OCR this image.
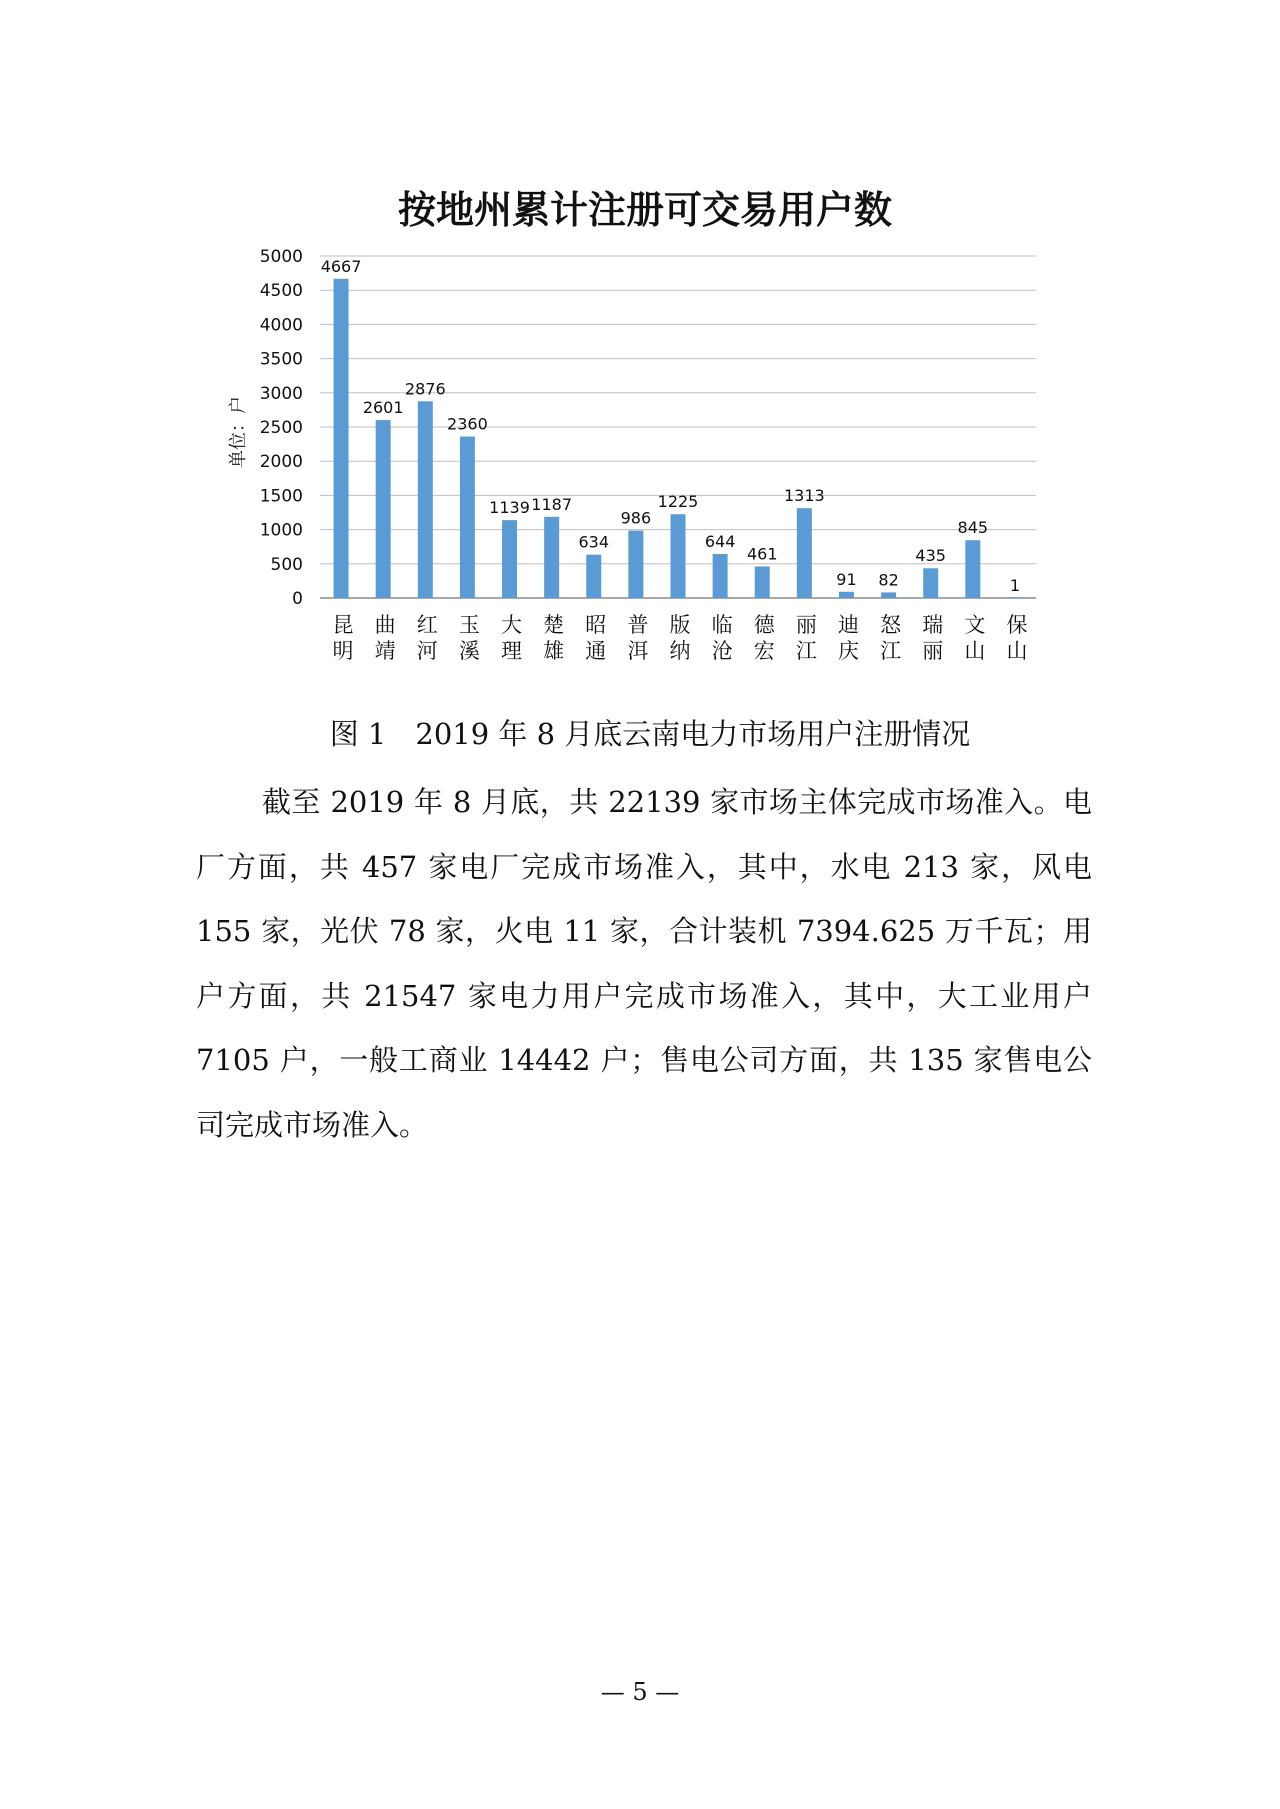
按地州累计注册可交易用户数
0
500
1000
1500
2000
2500
3000
3500
4000
4500
5000 4667
2601
2876
2360
1139 1187
634
986
1225
644
461
1313
91 82
435
845
1
昆
明
曲
靖
红
河
玉
溪
大
理
楚
雄
昭
通
普
洱
版
纳
临
沧
德
宏
丽
江
迪
庆
怒
江
瑞
丽
文
山
保
山
单位：户
图 1　2019 年 8 月底云南电力市场用户注册情况

截至 2019 年 8 月底，共 22139 家市场主体完成市场准入。电厂方面，共 457 家电厂完成市场准入，其中，水电 213 家，风电 155 家，光伏 78 家，火电 11 家，合计装机 7394.625 万千瓦；用户方面，共 21547 家电力用户完成市场准入，其中，大工业用户 7105 户，一般工商业 14442 户；售电公司方面，共 135 家售电公司完成市场准入。

— 5 —
